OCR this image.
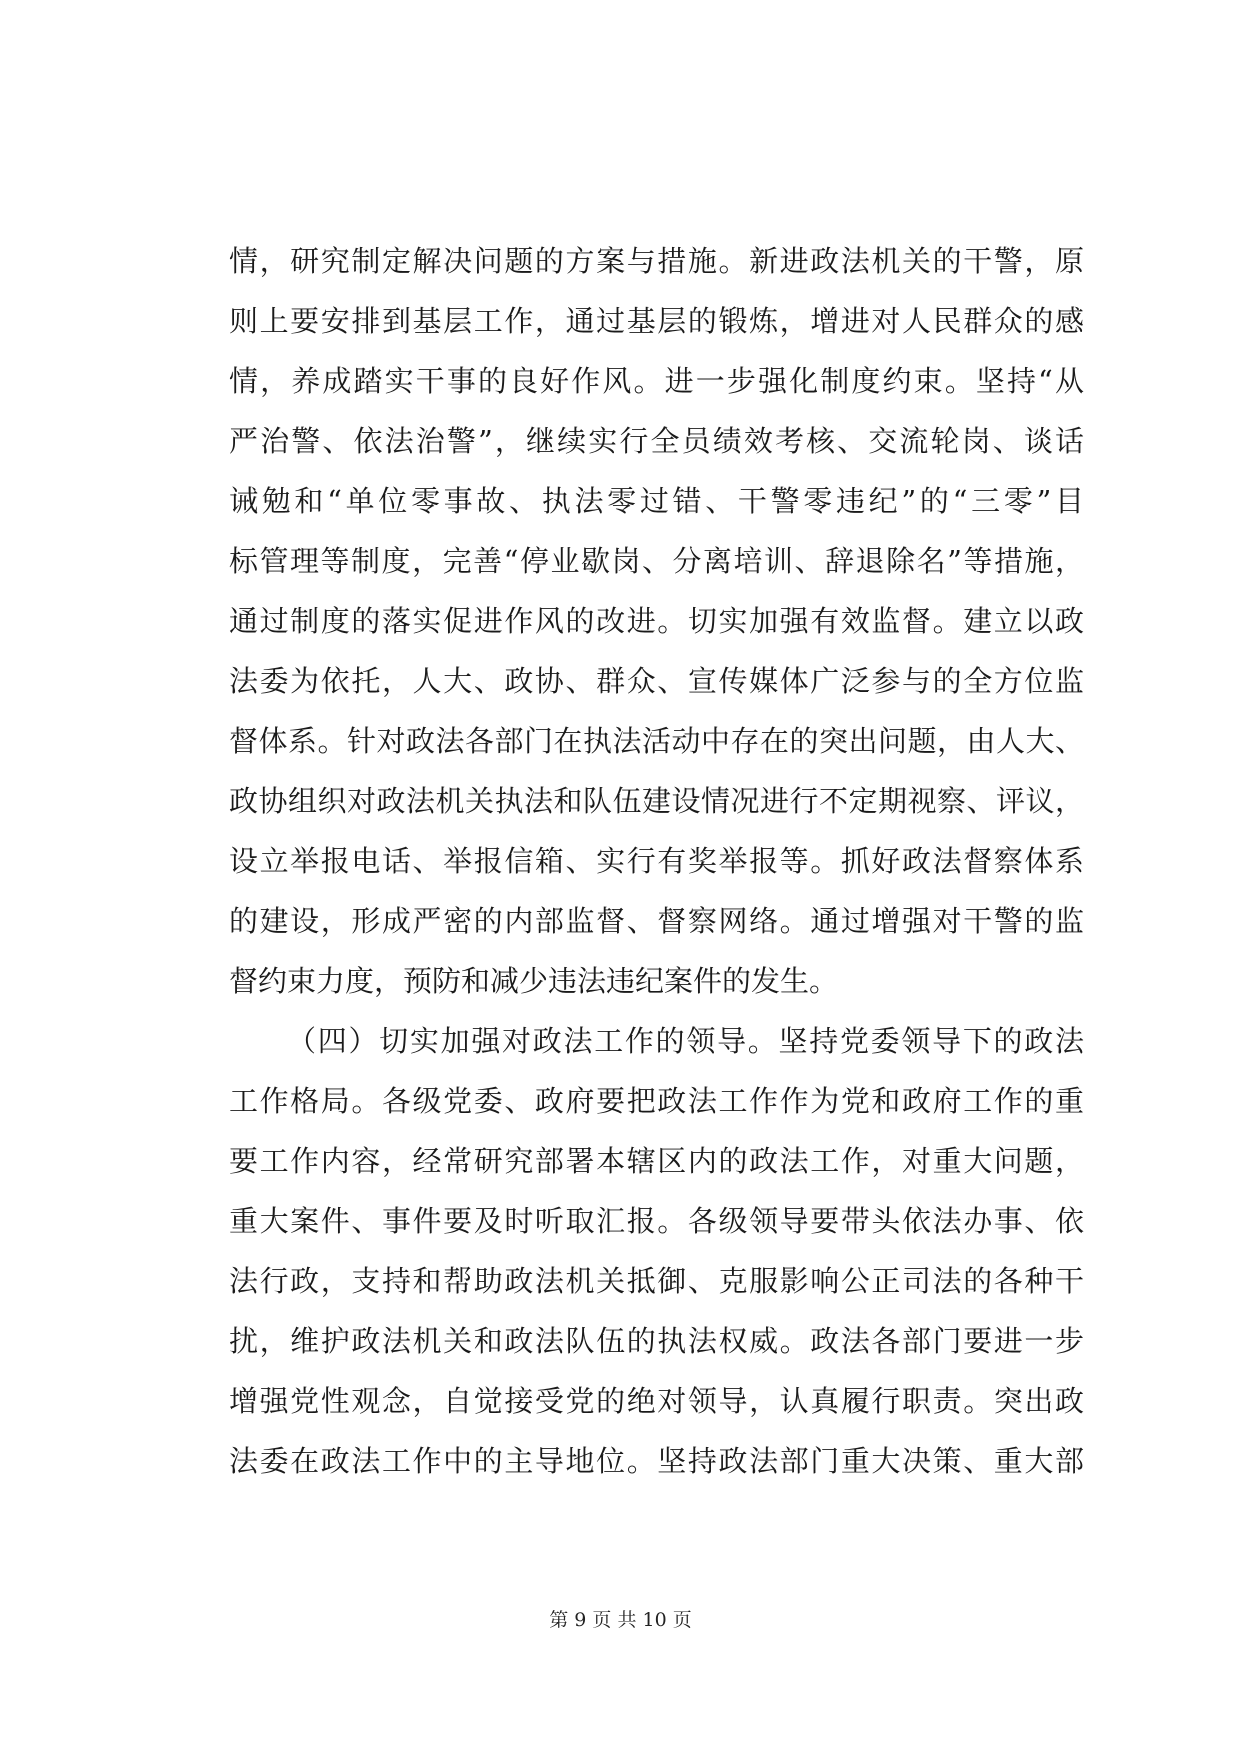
情，研究制定解决问题的方案与措施。新进政法机关的干警，原
则上要安排到基层工作，通过基层的锻炼，增进对人民群众的感
情，养成踏实干事的良好作风。进一步强化制度约束。坚持“从
严治警、依法治警”，继续实行全员绩效考核、交流轮岗、谈话
诫勉和“单位零事故、执法零过错、干警零违纪”的“三零”目
标管理等制度，完善“停业歇岗、分离培训、辞退除名”等措施，
通过制度的落实促进作风的改进。切实加强有效监督。建立以政
法委为依托，人大、政协、群众、宣传媒体广泛参与的全方位监
督体系。针对政法各部门在执法活动中存在的突出问题，由人大、
政协组织对政法机关执法和队伍建设情况进行不定期视察、评议，
设立举报电话、举报信箱、实行有奖举报等。抓好政法督察体系
的建设，形成严密的内部监督、督察网络。通过增强对干警的监
督约束力度，预防和减少违法违纪案件的发生。
（四）切实加强对政法工作的领导。坚持党委领导下的政法
工作格局。各级党委、政府要把政法工作作为党和政府工作的重
要工作内容，经常研究部署本辖区内的政法工作，对重大问题，
重大案件、事件要及时听取汇报。各级领导要带头依法办事、依
法行政，支持和帮助政法机关抵御、克服影响公正司法的各种干
扰，维护政法机关和政法队伍的执法权威。政法各部门要进一步
增强党性观念，自觉接受党的绝对领导，认真履行职责。突出政
法委在政法工作中的主导地位。坚持政法部门重大决策、重大部
第 9 页 共 10 页
